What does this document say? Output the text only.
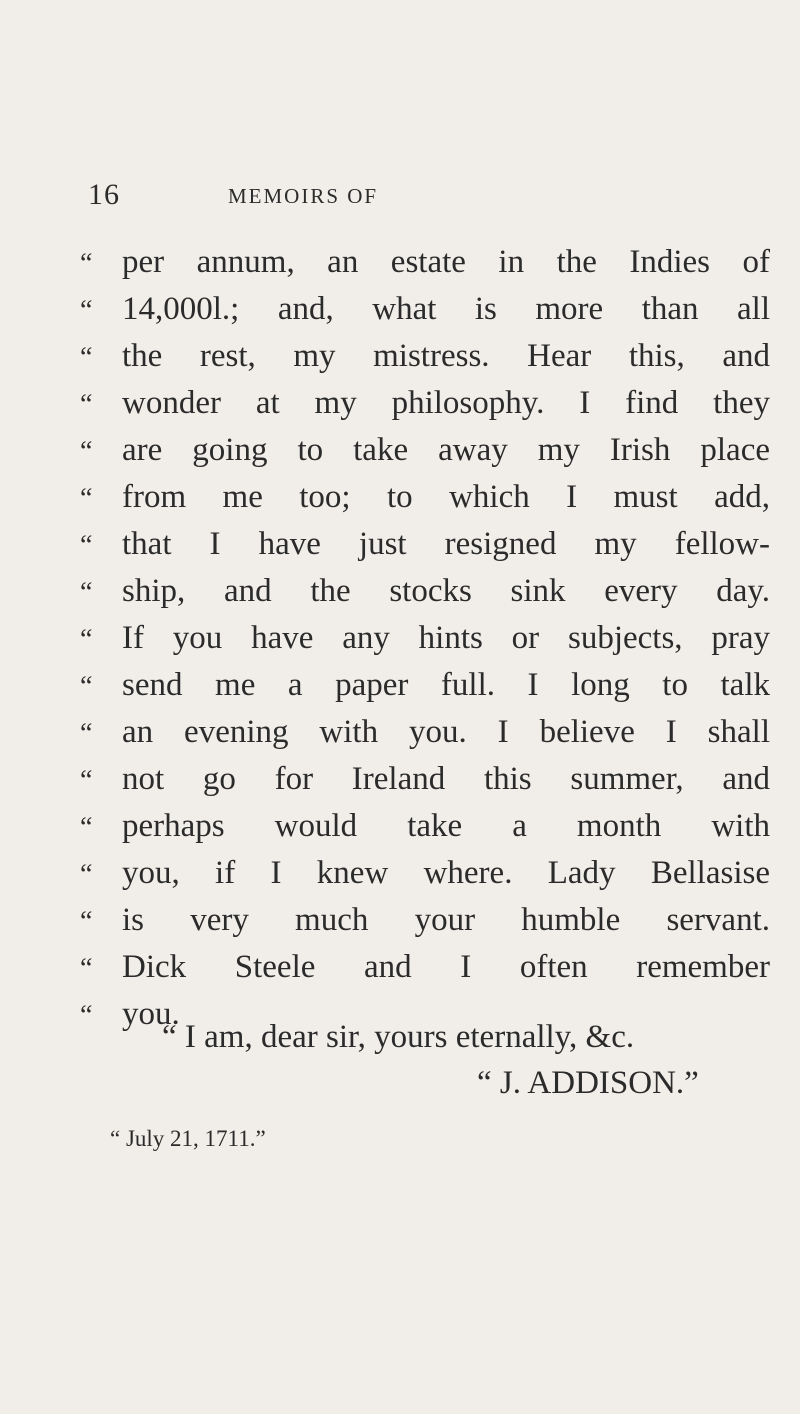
16	MEMOIRS OF
“ per annum, an estate in the Indies of
“ 14,000l.; and, what is more than all
“ the rest, my mistress. Hear this, and
“ wonder at my philosophy. I find they
“ are going to take away my Irish place
“ from me too; to which I must add,
“ that I have just resigned my fellow-
“ ship, and the stocks sink every day.
“ If you have any hints or subjects, pray
“ send me a paper full. I long to talk
“ an evening with you. I believe I shall
“ not go for Ireland this summer, and
“ perhaps would take a month with
“ you, if I knew where. Lady Bellasise
“ is very much your humble servant.
“ Dick Steele and I often remember
“ you.
“ I am, dear sir, yours eternally, &c.
“ J. ADDISON.”
“ July 21, 1711.”
